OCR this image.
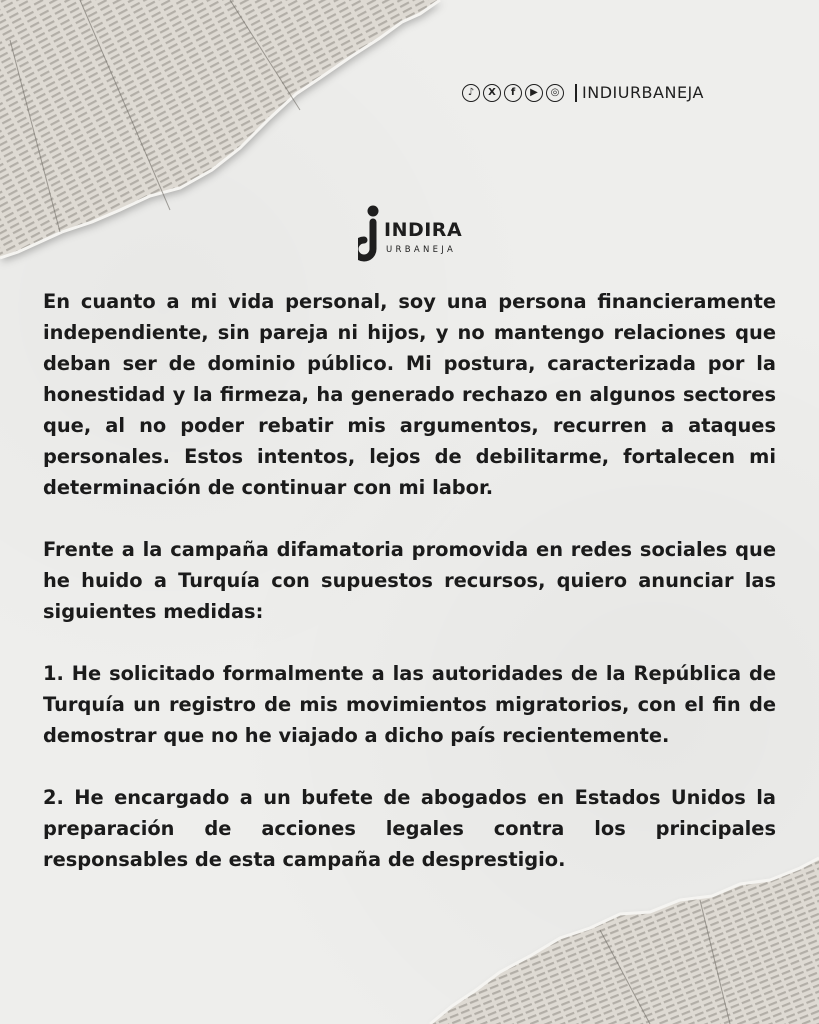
♪	X	f	▶	◎	INDIURBANEJA
INDIRA
URBANEJA

En cuanto a mi vida personal, soy una persona financieramente independiente, sin pareja ni hijos, y no mantengo relaciones que deban ser de dominio público. Mi postura, caracterizada por la honestidad y la firmeza, ha generado rechazo en algunos sectores que, al no poder rebatir mis argumentos, recurren a ataques personales. Estos intentos, lejos de debilitarme, fortalecen mi determinación de continuar con mi labor.

Frente a la campaña difamatoria promovida en redes sociales que he huido a Turquía con supuestos recursos, quiero anunciar las siguientes medidas:

1. He solicitado formalmente a las autoridades de la República de Turquía un registro de mis movimientos migratorios, con el fin de demostrar que no he viajado a dicho país recientemente.

2. He encargado a un bufete de abogados en Estados Unidos la preparación de acciones legales contra los principales responsables de esta campaña de desprestigio.
